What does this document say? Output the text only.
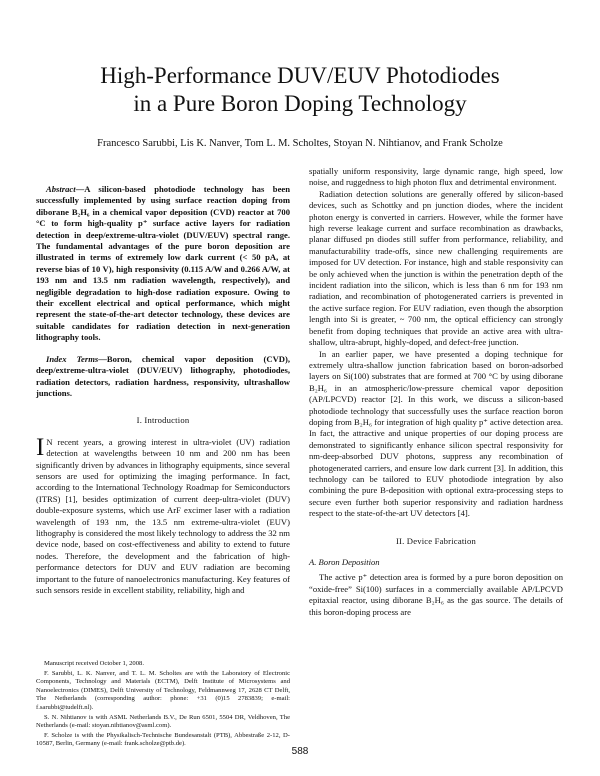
High-Performance DUV/EUV Photodiodes
in a Pure Boron Doping Technology
Francesco Sarubbi, Lis K. Nanver, Tom L. M. Scholtes, Stoyan N. Nihtianov, and Frank Scholze

Abstract—A silicon-based photodiode technology has been successfully implemented by using surface reaction doping from diborane B₂H₆ in a chemical vapor deposition (CVD) reactor at 700 °C to form high-quality p⁺ surface active layers for radiation detection in deep/extreme-ultra-violet (DUV/EUV) spectral range. The fundamental advantages of the pure boron deposition are illustrated in terms of extremely low dark current (< 50 pA, at reverse bias of 10 V), high responsivity (0.115 A/W and 0.266 A/W, at 193 nm and 13.5 nm radiation wavelength, respectively), and negligible degradation to high-dose radiation exposure. Owing to their excellent electrical and optical performance, which might represent the state-of-the-art detector technology, these devices are suitable candidates for radiation detection in next-generation lithography tools.

Index Terms—Boron, chemical vapor deposition (CVD), deep/extreme-ultra-violet (DUV/EUV) lithography, photodiodes, radiation detectors, radiation hardness, responsivity, ultrashallow junctions.

I. Introduction

I N recent years, a growing interest in ultra-violet (UV) radiation detection at wavelengths between 10 nm and 200 nm has been significantly driven by advances in lithography equipments, since several sensors are used for optimizing the imaging performance. In fact, according to the International Technology Roadmap for Semiconductors (ITRS) [1], besides optimization of current deep-ultra-violet (DUV) double-exposure systems, which use ArF excimer laser with a radiation wavelength of 193 nm, the 13.5 nm extreme-ultra-violet (EUV) lithography is considered the most likely technology to address the 32 nm device node, based on cost-effectiveness and ability to extend to future nodes. Therefore, the development and the fabrication of high-performance detectors for DUV and EUV radiation are becoming important to the future of nanoelectronics manufacturing. Key features of such sensors reside in excellent stability, reliability, high and

spatially uniform responsivity, large dynamic range, high speed, low noise, and ruggedness to high photon flux and detrimental environment.

Radiation detection solutions are generally offered by silicon-based devices, such as Schottky and pn junction diodes, where the incident photon energy is converted in carriers. However, while the former have high reverse leakage current and surface recombination as drawbacks, planar diffused pn diodes still suffer from performance, reliability, and manufacturability trade-offs, since new challenging requirements are imposed for UV detection. For instance, high and stable responsivity can be only achieved when the junction is within the penetration depth of the incident radiation into the silicon, which is less than 6 nm for 193 nm radiation, and recombination of photogenerated carriers is prevented in the active surface region. For EUV radiation, even though the absorption length into Si is greater, ~ 700 nm, the optical efficiency can strongly benefit from doping techniques that provide an active area with ultra-shallow, ultra-abrupt, highly-doped, and defect-free junction.

In an earlier paper, we have presented a doping technique for extremely ultra-shallow junction fabrication based on boron-adsorbed layers on Si(100) substrates that are formed at 700 °C by using diborane B₂H₆ in an atmospheric/low-pressure chemical vapor deposition (AP/LPCVD) reactor [2]. In this work, we discuss a silicon-based photodiode technology that successfully uses the surface reaction boron doping from B₂H₆ for integration of high quality p⁺ active detection area. In fact, the attractive and unique properties of our doping process are demonstrated to significantly enhance silicon spectral responsivity for nm-deep-absorbed DUV photons, suppress any recombination of photogenerated carriers, and ensure low dark current [3]. In addition, this technology can be tailored to EUV photodiode integration by also combining the pure B-deposition with optional extra-processing steps to secure even further both superior responsivity and radiation hardness respect to the state-of-the-art UV detectors [4].

II. Device Fabrication

A. Boron Deposition

The active p⁺ detection area is formed by a pure boron deposition on “oxide-free” Si(100) surfaces in a commercially available AP/LPCVD epitaxial reactor, using diborane B₂H₆ as the gas source. The details of this boron-doping process are

Manuscript received October 1, 2008.

F. Sarubbi, L. K. Nanver, and T. L. M. Scholtes are with the Laboratory of Electronic Components, Technology and Materials (ECTM), Delft Institute of Microsystems and Nanoelectronics (DIMES), Delft University of Technology, Feldmannweg 17, 2628 CT Delft, The Netherlands (corresponding author: phone: +31 (0)15 2783839; e-mail: f.sarubbi@tudelft.nl).

S. N. Nihtianov is with ASML Netherlands B.V., De Run 6501, 5504 DR, Veldhoven, The Netherlands (e-mail: stoyan.nihtianov@asml.com).

F. Scholze is with the Physikalisch-Technische Bundesanstalt (PTB), Abbestraße 2-12, D-10587, Berlin, Germany (e-mail: frank.scholze@ptb.de).

588
